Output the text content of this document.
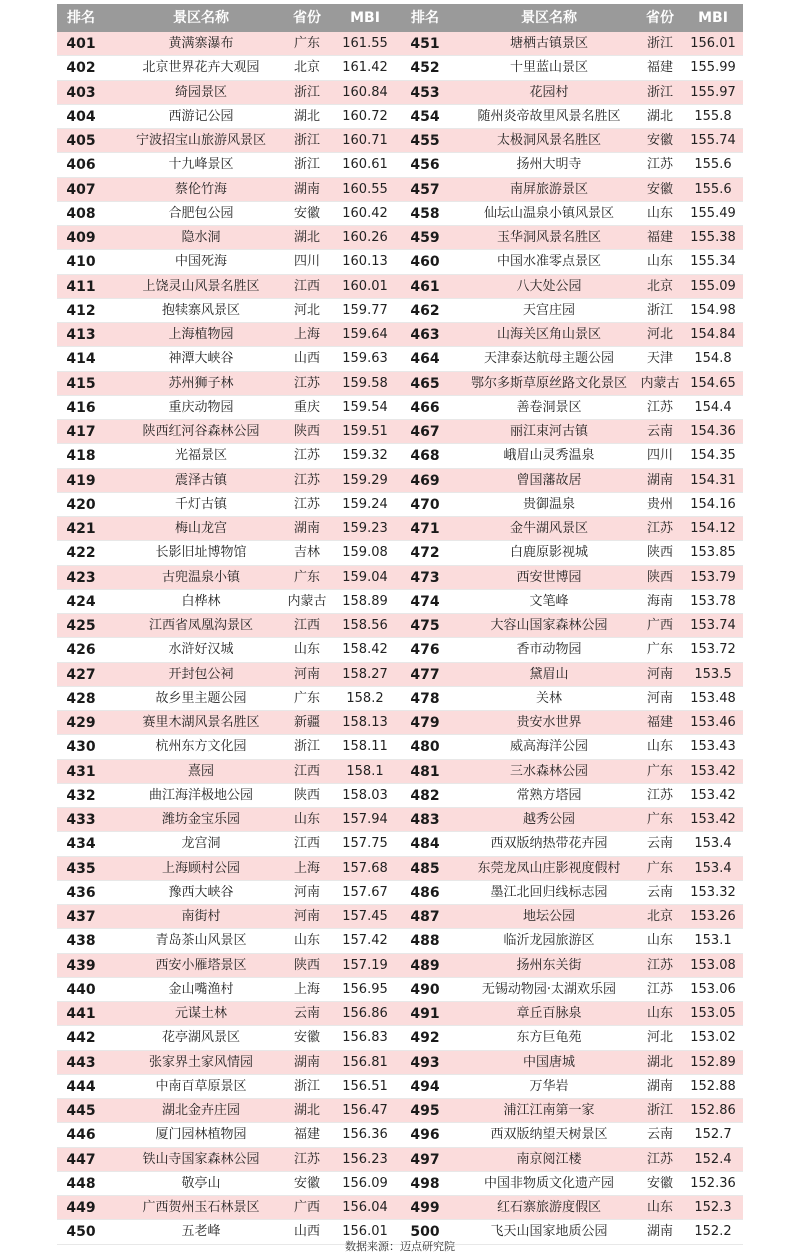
排名	景区名称	省份	MBI	排名	景区名称	省份	MBI
401	黄满寨瀑布	广东	161.55	451	塘栖古镇景区	浙江	156.01
402	北京世界花卉大观园	北京	161.42	452	十里蓝山景区	福建	155.99
403	绮园景区	浙江	160.84	453	花园村	浙江	155.97
404	西游记公园	湖北	160.72	454	随州炎帝故里风景名胜区	湖北	155.8
405	宁波招宝山旅游风景区	浙江	160.71	455	太极洞风景名胜区	安徽	155.74
406	十九峰景区	浙江	160.61	456	扬州大明寺	江苏	155.6
407	蔡伦竹海	湖南	160.55	457	南屏旅游景区	安徽	155.6
408	合肥包公园	安徽	160.42	458	仙坛山温泉小镇风景区	山东	155.49
409	隐水洞	湖北	160.26	459	玉华洞风景名胜区	福建	155.38
410	中国死海	四川	160.13	460	中国水准零点景区	山东	155.34
411	上饶灵山风景名胜区	江西	160.01	461	八大处公园	北京	155.09
412	抱犊寨风景区	河北	159.77	462	天宫庄园	浙江	154.98
413	上海植物园	上海	159.64	463	山海关区角山景区	河北	154.84
414	神潭大峡谷	山西	159.63	464	天津泰达航母主题公园	天津	154.8
415	苏州狮子林	江苏	159.58	465	鄂尔多斯草原丝路文化景区	内蒙古 154.65
416	重庆动物园	重庆	159.54	466	善卷洞景区	江苏	154.4
417	陕西红河谷森林公园	陕西	159.51	467	丽江束河古镇	云南	154.36
418	光福景区	江苏	159.32	468	峨眉山灵秀温泉	四川	154.35
419	震泽古镇	江苏	159.29	469	曾国藩故居	湖南	154.31
420	千灯古镇	江苏	159.24	470	贵御温泉	贵州	154.16
421	梅山龙宫	湖南	159.23	471	金牛湖风景区	江苏	154.12
422	长影旧址博物馆	吉林	159.08	472	白鹿原影视城	陕西	153.85
423	古兜温泉小镇	广东	159.04	473	西安世博园	陕西	153.79
424	白桦林	内蒙古	158.89	474	文笔峰	海南	153.78
425	江西省凤凰沟景区	江西	158.56	475	大容山国家森林公园	广西	153.74
426	水浒好汉城	山东	158.42	476	香市动物园	广东	153.72
427	开封包公祠	河南	158.27	477	黛眉山	河南	153.5
428	故乡里主题公园	广东	158.2	478	关林	河南	153.48
429	赛里木湖风景名胜区	新疆	158.13	479	贵安水世界	福建	153.46
430	杭州东方文化园	浙江	158.11	480	威高海洋公园	山东	153.43
431	熹园	江西	158.1	481	三水森林公园	广东	153.42
432	曲江海洋极地公园	陕西	158.03	482	常熟方塔园	江苏	153.42
433	潍坊金宝乐园	山东	157.94	483	越秀公园	广东	153.42
434	龙宫洞	江西	157.75	484	西双版纳热带花卉园	云南	153.4
435	上海顾村公园	上海	157.68	485	东莞龙凤山庄影视度假村	广东	153.4
436	豫西大峡谷	河南	157.67	486	墨江北回归线标志园	云南	153.32
437	南街村	河南	157.45	487	地坛公园	北京	153.26
438	青岛茶山风景区	山东	157.42	488	临沂龙园旅游区	山东	153.1
439	西安小雁塔景区	陕西	157.19	489	扬州东关街	江苏	153.08
440	金山嘴渔村	上海	156.95	490	无锡动物园·太湖欢乐园	江苏	153.06
441	元谋土林	云南	156.86	491	章丘百脉泉	山东	153.05
442	花亭湖风景区	安徽	156.83	492	东方巨龟苑	河北	153.02
443	张家界土家风情园	湖南	156.81	493	中国唐城	湖北	152.89
444	中南百草原景区	浙江	156.51	494	万华岩	湖南	152.88
445	湖北金卉庄园	湖北	156.47	495	浦江江南第一家	浙江	152.86
446	厦门园林植物园	福建	156.36	496	西双版纳望天树景区	云南	152.7
447	铁山寺国家森林公园	江苏	156.23	497	南京阅江楼	江苏	152.4
448	敬亭山	安徽	156.09	498	中国非物质文化遗产园	安徽	152.36
449	广西贺州玉石林景区	广西	156.04	499	红石寨旅游度假区	山东	152.3
450	五老峰	山西	156.01	500	飞天山国家地质公园	湖南	152.2
数据来源：迈点研究院
